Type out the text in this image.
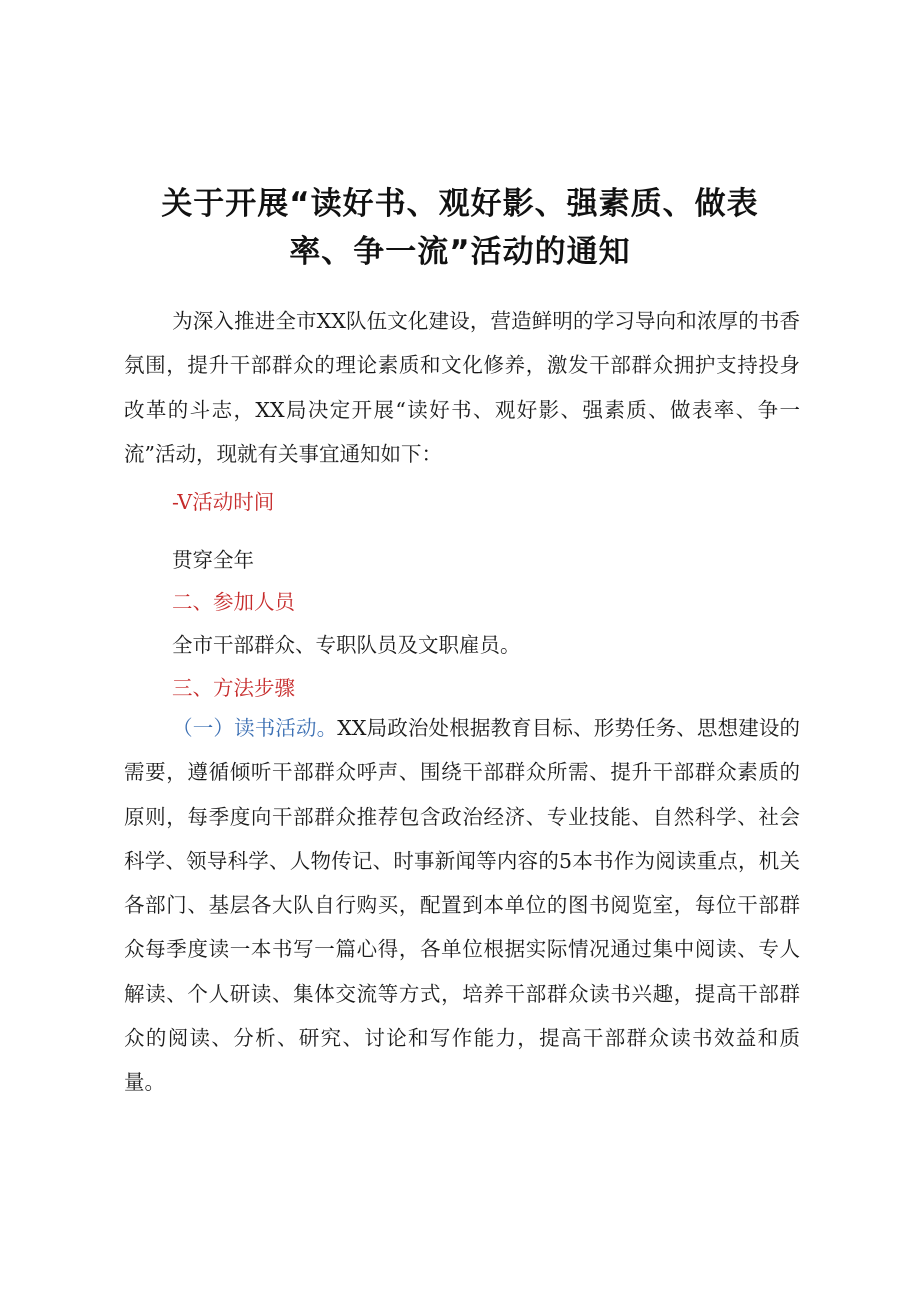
关于开展“读好书、观好影、强素质、做表
率、争一流”活动的通知

为深入推进全市XX队伍文化建设，营造鲜明的学习导向和浓厚的书香氛围，提升干部群众的理论素质和文化修养，激发干部群众拥护支持投身改革的斗志，XX局决定开展“读好书、观好影、强素质、做表率、争一流”活动，现就有关事宜通知如下：

-V活动时间

贯穿全年

二、参加人员

全市干部群众、专职队员及文职雇员。

三、方法步骤

（一）读书活动。XX局政治处根据教育目标、形势任务、思想建设的需要，遵循倾听干部群众呼声、围绕干部群众所需、提升干部群众素质的原则，每季度向干部群众推荐包含政治经济、专业技能、自然科学、社会科学、领导科学、人物传记、时事新闻等内容的5本书作为阅读重点，机关各部门、基层各大队自行购买，配置到本单位的图书阅览室，每位干部群众每季度读一本书写一篇心得，各单位根据实际情况通过集中阅读、专人解读、个人研读、集体交流等方式，培养干部群众读书兴趣，提高干部群众的阅读、分析、研究、讨论和写作能力，提高干部群众读书效益和质量。
